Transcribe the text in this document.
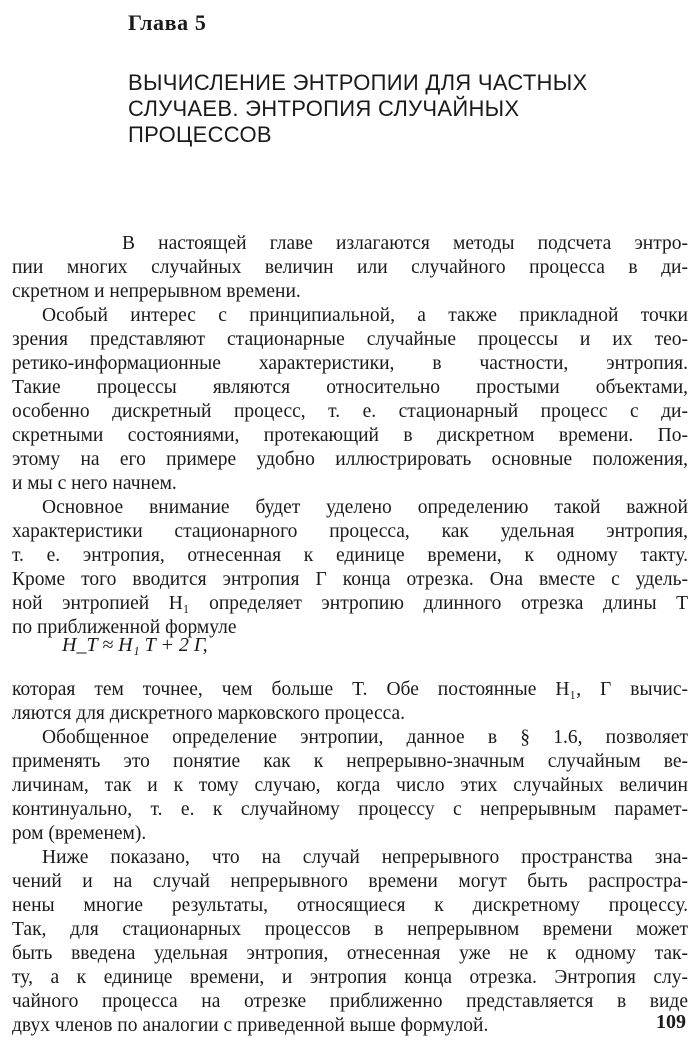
Глава 5
ВЫЧИСЛЕНИЕ ЭНТРОПИИ ДЛЯ ЧАСТНЫХ
СЛУЧАЕВ. ЭНТРОПИЯ СЛУЧАЙНЫХ
ПРОЦЕССОВ
В настоящей главе излагаются методы подсчета энтро-
пии многих случайных величин или случайного процесса в ди-
скретном и непрерывном времени.
Особый интерес с принципиальной, а также прикладной точки
зрения представляют стационарные случайные процессы и их тео-
ретико-информационные характеристики, в частности, энтропия.
Такие процессы являются относительно простыми объектами,
особенно дискретный процесс, т. е. стационарный процесс с ди-
скретными состояниями, протекающий в дискретном времени. По-
этому на его примере удобно иллюстрировать основные положения,
и мы с него начнем.
Основное внимание будет уделено определению такой важной
характеристики стационарного процесса, как удельная энтропия,
т. е. энтропия, отнесенная к единице времени, к одному такту.
Кроме того вводится энтропия Γ конца отрезка. Она вместе с удель-
ной энтропией H₁ определяет энтропию длинного отрезка длины T
по приближенной формуле
H_T ≈ H₁ T + 2 Γ,
которая тем точнее, чем больше T. Обе постоянные H₁, Γ вычис-
ляются для дискретного марковского процесса.
Обобщенное определение энтропии, данное в § 1.6, позволяет
применять это понятие как к непрерывно-значным случайным ве-
личинам, так и к тому случаю, когда число этих случайных величин
континуально, т. е. к случайному процессу с непрерывным парамет-
ром (временем).
Ниже показано, что на случай непрерывного пространства зна-
чений и на случай непрерывного времени могут быть распростра-
нены многие результаты, относящиеся к дискретному процессу.
Так, для стационарных процессов в непрерывном времени может
быть введена удельная энтропия, отнесенная уже не к одному так-
ту, а к единице времени, и энтропия конца отрезка. Энтропия слу-
чайного процесса на отрезке приближенно представляется в виде
двух членов по аналогии с приведенной выше формулой.	109
